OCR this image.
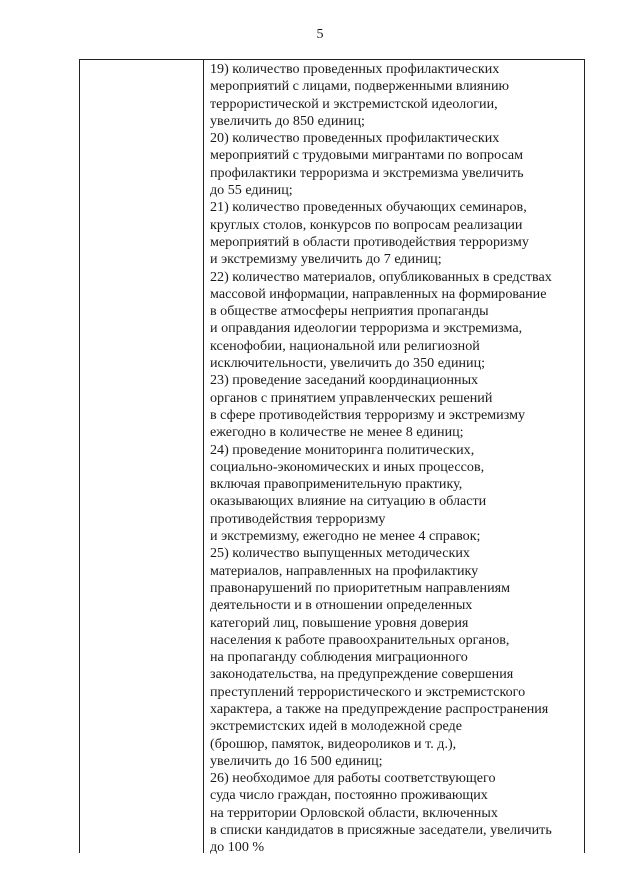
5
19) количество проведенных профилактических
мероприятий с лицами, подверженными влиянию
террористической и экстремистской идеологии,
увеличить до 850 единиц;
20) количество проведенных профилактических
мероприятий с трудовыми мигрантами по вопросам
профилактики терроризма и экстремизма увеличить
до 55 единиц;
21) количество проведенных обучающих семинаров,
круглых столов, конкурсов по вопросам реализации
мероприятий в области противодействия терроризму
и экстремизму увеличить до 7 единиц;
22) количество материалов, опубликованных в средствах
массовой информации, направленных на формирование
в обществе атмосферы неприятия пропаганды
и оправдания идеологии терроризма и экстремизма,
ксенофобии, национальной или религиозной
исключительности, увеличить до 350 единиц;
23) проведение заседаний координационных
органов с принятием управленческих решений
в сфере противодействия терроризму и экстремизму
ежегодно в количестве не менее 8 единиц;
24) проведение мониторинга политических,
социально-экономических и иных процессов,
включая правоприменительную практику,
оказывающих влияние на ситуацию в области
противодействия терроризму
и экстремизму, ежегодно не менее 4 справок;
25) количество выпущенных методических
материалов, направленных на профилактику
правонарушений по приоритетным направлениям
деятельности и в отношении определенных
категорий лиц, повышение уровня доверия
населения к работе правоохранительных органов,
на пропаганду соблюдения миграционного
законодательства, на предупреждение совершения
преступлений террористического и экстремистского
характера, а также на предупреждение распространения
экстремистских идей в молодежной среде
(брошюр, памяток, видеороликов и т. д.),
увеличить до 16 500 единиц;
26) необходимое для работы соответствующего
суда число граждан, постоянно проживающих
на территории Орловской области, включенных
в списки кандидатов в присяжные заседатели, увеличить
до 100 %
